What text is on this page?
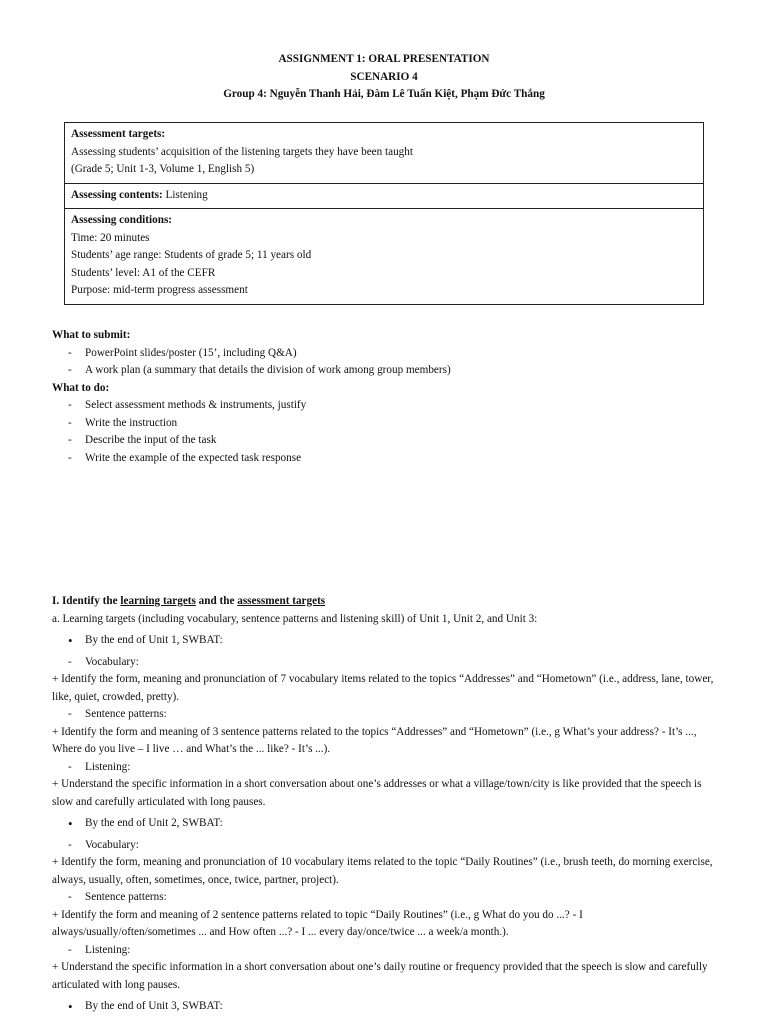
ASSIGNMENT 1: ORAL PRESENTATION
SCENARIO 4
Group 4: Nguyễn Thanh Hải, Đàm Lê Tuấn Kiệt, Phạm Đức Thắng
Assessment targets:
Assessing students’ acquisition of the listening targets they have been taught
(Grade 5; Unit 1-3, Volume 1, English 5)
Assessing contents: Listening
Assessing conditions:
Time: 20 minutes
Students’ age range: Students of grade 5; 11 years old
Students’ level: A1 of the CEFR
Purpose: mid-term progress assessment
What to submit:
- PowerPoint slides/poster (15’, including Q&A)
- A work plan (a summary that details the division of work among group members)
What to do:
- Select assessment methods & instruments, justify
- Write the instruction
- Describe the input of the task
- Write the example of the expected task response
I. Identify the learning targets and the assessment targets
a. Learning targets (including vocabulary, sentence patterns and listening skill) of Unit 1, Unit 2, and Unit 3:
• By the end of Unit 1, SWBAT:
- Vocabulary:

+ Identify the form, meaning and pronunciation of 7 vocabulary items related to the topics “Addresses” and “Hometown” (i.e., address, lane, tower, like, quiet, crowded, pretty).

- Sentence patterns:

+ Identify the form and meaning of 3 sentence patterns related to the topics “Addresses” and “Hometown” (i.e., g What’s your address? - It’s ..., Where do you live – I live … and What’s the ... like? - It’s ...).

- Listening:

+ Understand the specific information in a short conversation about one’s addresses or what a village/town/city is like provided that the speech is slow and carefully articulated with long pauses.

• By the end of Unit 2, SWBAT:
- Vocabulary:

+ Identify the form, meaning and pronunciation of 10 vocabulary items related to the topic “Daily Routines” (i.e., brush teeth, do morning exercise, always, usually, often, sometimes, once, twice, partner, project).

- Sentence patterns:

+ Identify the form and meaning of 2 sentence patterns related to topic “Daily Routines” (i.e., g What do you do ...? - I always/usually/often/sometimes ... and How often ...? - I ... every day/once/twice ... a week/a month.).

- Listening:

+ Understand the specific information in a short conversation about one’s daily routine or frequency provided that the speech is slow and carefully articulated with long pauses.

• By the end of Unit 3, SWBAT:
